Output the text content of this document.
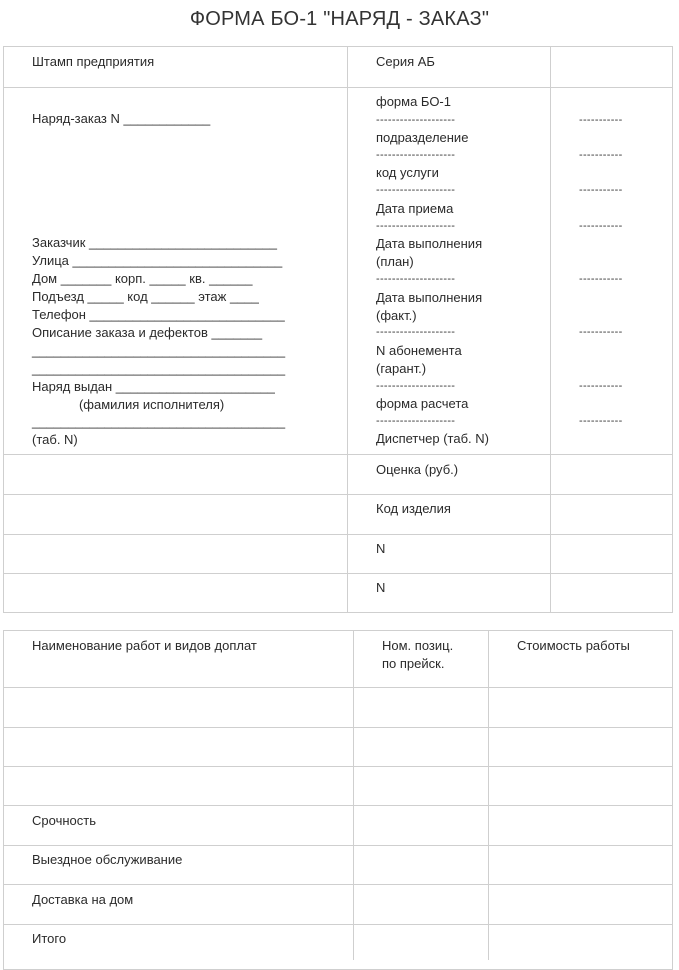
ФОРМА БО-1 "НАРЯД - ЗАКАЗ"
Штамп предприятия	Серия АБ
Наряд-заказ N ____________
Заказчик __________________________
Улица _____________________________
Дом _______ корп. _____ кв. ______
Подъезд _____ код ______ этаж ____
Телефон ___________________________
Описание заказа и дефектов _______
___________________________________
___________________________________
Наряд выдан ______________________
(фамилия исполнителя)
___________________________________
(таб. N)
форма БО-1
подразделение
код услуги
Дата приема
Дата выполнения
(план)
Дата выполнения
(факт.)
N абонемента
(гарант.)
форма расчета
Диспетчер (таб. N)
--------------------
--------------------
--------------------
--------------------
--------------------
--------------------
--------------------
--------------------
-----------
-----------
-----------
-----------
-----------
-----------
-----------
-----------
Оценка (руб.)
Код изделия
N
N
Наименование работ и видов доплат	Ном. позиц.
по прейск.
Стоимость работы
Срочность
Выездное обслуживание
Доставка на дом
Итого
